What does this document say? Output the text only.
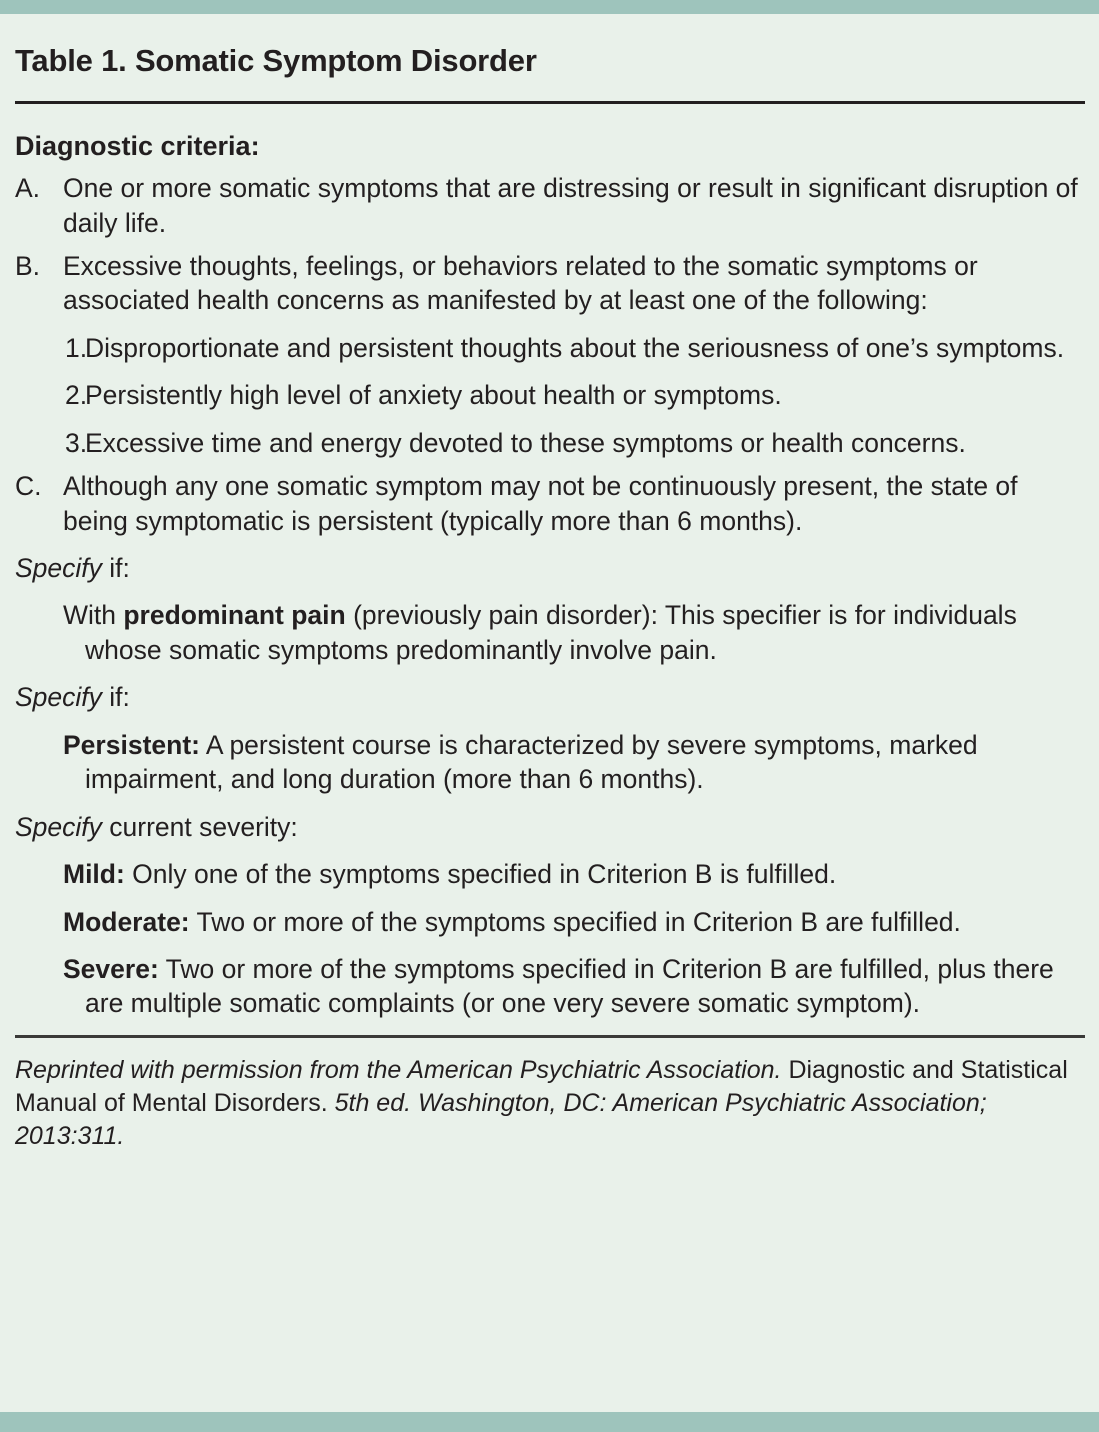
Table 1. Somatic Symptom Disorder
Diagnostic criteria:
A. One or more somatic symptoms that are distressing or result in significant disruption of daily life.
B. Excessive thoughts, feelings, or behaviors related to the somatic symptoms or associated health concerns as manifested by at least one of the following:
1.
Disproportionate and persistent thoughts about the seriousness of one’s symptoms.
2.
Persistently high level of anxiety about health or symptoms.
3.
Excessive time and energy devoted to these symptoms or health concerns.
C. Although any one somatic symptom may not be continuously present, the state of being symptomatic is persistent (typically more than 6 months).
Specify if:
With predominant pain (previously pain disorder): This specifier is for individuals whose somatic symptoms predominantly involve pain.
Specify if:
Persistent: A persistent course is characterized by severe symptoms, marked impairment, and long duration (more than 6 months).
Specify current severity:
Mild: Only one of the symptoms specified in Criterion B is fulfilled.
Moderate: Two or more of the symptoms specified in Criterion B are fulfilled.
Severe: Two or more of the symptoms specified in Criterion B are fulfilled, plus there are multiple somatic complaints (or one very severe somatic symptom).
Reprinted with permission from the American Psychiatric Association. Diagnostic and Statistical Manual of Mental Disorders. 5th ed. Washington, DC: American Psychiatric Association; 2013:311.
